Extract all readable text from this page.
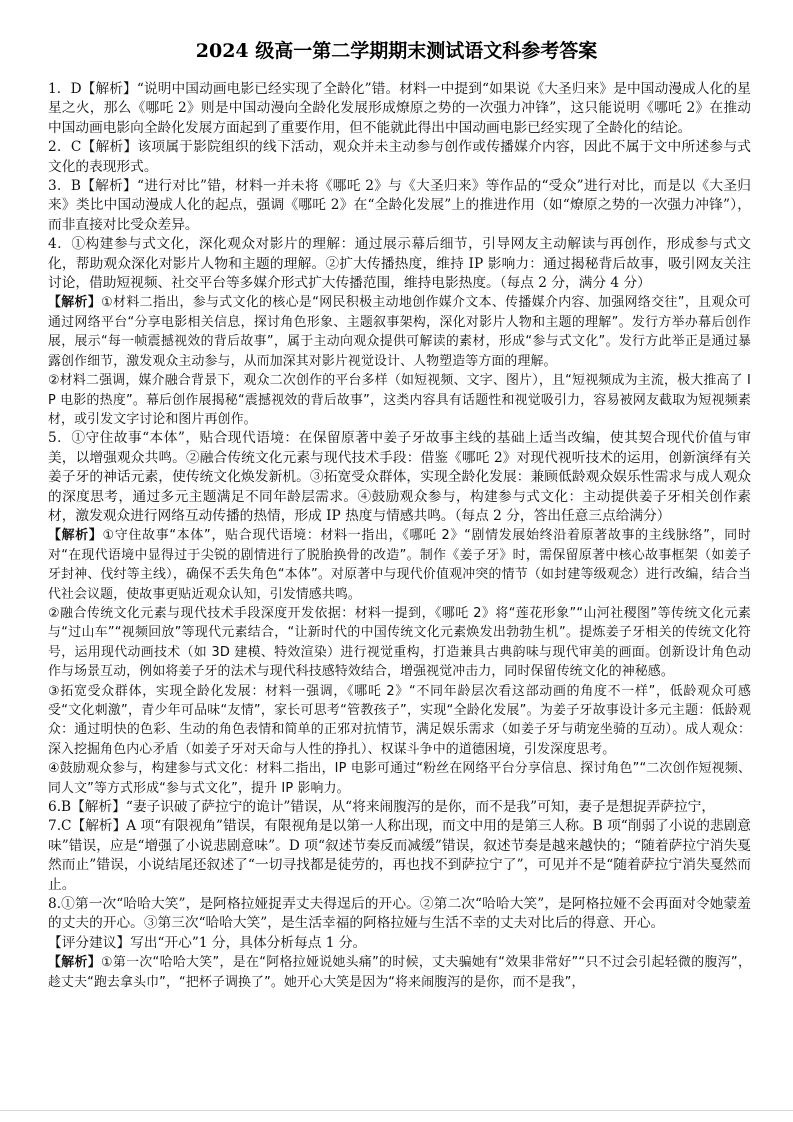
2024 级高一第二学期期末测试语文科参考答案

1．D【解析】“说明中国动画电影已经实现了全龄化”错。材料一中提到“如果说《大圣归来》是中国动漫成人化的星星之火，那么《哪吒 2》则是中国动漫向全龄化发展形成燎原之势的一次强力冲锋”，这只能说明《哪吒 2》在推动中国动画电影向全龄化发展方面起到了重要作用，但不能就此得出中国动画电影已经实现了全龄化的结论。

2．C【解析】该项属于影院组织的线下活动，观众并未主动参与创作或传播媒介内容，因此不属于文中所述参与式文化的表现形式。

3．B【解析】“进行对比”错，材料一并未将《哪吒 2》与《大圣归来》等作品的“受众”进行对比，而是以《大圣归来》类比中国动漫成人化的起点，强调《哪吒 2》在“全龄化发展”上的推进作用（如“燎原之势的一次强力冲锋”），而非直接对比受众差异。

4．①构建参与式文化，深化观众对影片的理解：通过展示幕后细节，引导网友主动解读与再创作，形成参与式文化，帮助观众深化对影片人物和主题的理解。②扩大传播热度，维持 IP 影响力：通过揭秘背后故事，吸引网友关注讨论，借助短视频、社交平台等多媒介形式扩大传播范围，维持电影热度。（每点 2 分，满分 4 分）

【解析】①材料二指出，参与式文化的核心是“网民积极主动地创作媒介文本、传播媒介内容、加强网络交往”，且观众可通过网络平台“分享电影相关信息，探讨角色形象、主题叙事架构，深化对影片人物和主题的理解”。发行方举办幕后创作展，展示“每一帧震撼视效的背后故事”，属于主动向观众提供可解读的素材，形成“参与式文化”。发行方此举正是通过暴露创作细节，激发观众主动参与，从而加深其对影片视觉设计、人物塑造等方面的理解。

②材料二强调，媒介融合背景下，观众二次创作的平台多样（如短视频、文字、图片），且“短视频成为主流，极大推高了 IP 电影的热度”。幕后创作展揭秘“震撼视效的背后故事”，这类内容具有话题性和视觉吸引力，容易被网友截取为短视频素材，或引发文字讨论和图片再创作。

5．①守住故事“本体”，贴合现代语境：在保留原著中姜子牙故事主线的基础上适当改编，使其契合现代价值与审美，以增强观众共鸣。②融合传统文化元素与现代技术手段：借鉴《哪吒 2》对现代视听技术的运用，创新演绎有关姜子牙的神话元素，使传统文化焕发新机。③拓宽受众群体，实现全龄化发展：兼顾低龄观众娱乐性需求与成人观众的深度思考，通过多元主题满足不同年龄层需求。④鼓励观众参与，构建参与式文化：主动提供姜子牙相关创作素材，激发观众进行网络互动传播的热情，形成 IP 热度与情感共鸣。（每点 2 分，答出任意三点给满分）

【解析】①守住故事“本体”，贴合现代语境：材料一指出，《哪吒 2》“剧情发展始终沿着原著故事的主线脉络”，同时对“在现代语境中显得过于尖锐的剧情进行了脱胎换骨的改造”。制作《姜子牙》时，需保留原著中核心故事框架（如姜子牙封神、伐纣等主线），确保不丢失角色“本体”。对原著中与现代价值观冲突的情节（如封建等级观念）进行改编，结合当代社会议题，使故事更贴近观众认知，引发情感共鸣。

②融合传统文化元素与现代技术手段深度开发依据：材料一提到，《哪吒 2》将“莲花形象”“山河社稷图”等传统文化元素与“过山车”“视频回放”等现代元素结合，“让新时代的中国传统文化元素焕发出勃勃生机”。提炼姜子牙相关的传统文化符号，运用现代动画技术（如 3D 建模、特效渲染）进行视觉重构，打造兼具古典韵味与现代审美的画面。创新设计角色动作与场景互动，例如将姜子牙的法术与现代科技感特效结合，增强视觉冲击力，同时保留传统文化的神秘感。

③拓宽受众群体，实现全龄化发展：材料一强调，《哪吒 2》“不同年龄层次看这部动画的角度不一样”，低龄观众可感受“文化刺激”，青少年可品味“友情”，家长可思考“管教孩子”，实现“全龄化发展”。为姜子牙故事设计多元主题：低龄观众：通过明快的色彩、生动的角色表情和简单的正邪对抗情节，满足娱乐需求（如姜子牙与萌宠坐骑的互动）。成人观众：深入挖掘角色内心矛盾（如姜子牙对天命与人性的挣扎）、权谋斗争中的道德困境，引发深度思考。

④鼓励观众参与，构建参与式文化：材料二指出，IP 电影可通过“粉丝在网络平台分享信息、探讨角色”“二次创作短视频、同人文”等方式形成“参与式文化”，提升 IP 影响力。

6.B【解析】“妻子识破了萨拉宁的诡计”错误，从“将来闹腹泻的是你，而不是我”可知，妻子是想捉弄萨拉宁，

7.C【解析】A 项“有限视角”错误，有限视角是以第一人称出现，而文中用的是第三人称。B 项“削弱了小说的悲剧意味”错误，应是“增强了小说悲剧意味”。D 项“叙述节奏反而减缓”错误，叙述节奏是越来越快的；“随着萨拉宁消失戛然而止”错误，小说结尾还叙述了“一切寻找都是徒劳的，再也找不到萨拉宁了”，可见并不是“随着萨拉宁消失戛然而止。

8.①第一次“哈哈大笑”，是阿格拉娅捉弄丈夫得逞后的开心。②第二次“哈哈大笑”，是阿格拉娅不会再面对令她蒙羞的丈夫的开心。③第三次“哈哈大笑”，是生活幸福的阿格拉娅与生活不幸的丈夫对比后的得意、开心。

【评分建议】写出“开心”1 分，具体分析每点 1 分。

【解析】①第一次“哈哈大笑”，是在“阿格拉娅说她头痛”的时候，丈夫骗她有“效果非常好”“只不过会引起轻微的腹泻”，趁丈夫“跑去拿头巾”，“把杯子调换了”。她开心大笑是因为“将来闹腹泻的是你，而不是我”，
